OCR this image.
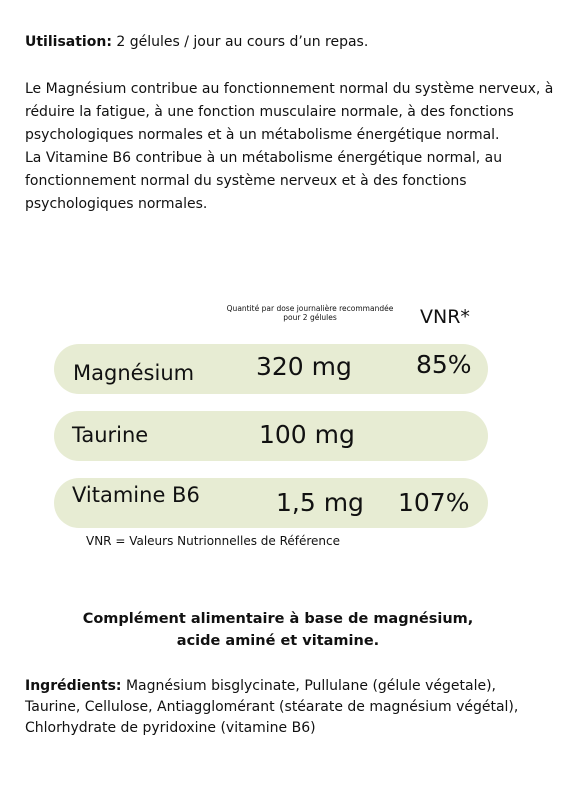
Utilisation: 2 gélules / jour au cours d’un repas.

Le Magnésium contribue au fonctionnement normal du système nerveux, à réduire la fatigue, à une fonction musculaire normale, à des fonctions psychologiques normales et à un métabolisme énergétique normal.

La Vitamine B6 contribue à un métabolisme énergétique normal, au fonctionnement normal du système nerveux et à des fonctions psychologiques normales.

Quantité par dose journalière recommandée
pour 2 gélules	VNR*
Magnésium 320 mg	85%
Taurine	100 mg
Vitamine B6	1,5 mg 107%
VNR = Valeurs Nutrionnelles de Référence
Complément alimentaire à base de magnésium,
acide aminé et vitamine.
Ingrédients: Magnésium bisglycinate, Pullulane (gélule végetale), Taurine, Cellulose, Antiagglomérant (stéarate de magnésium végétal), Chlorhydrate de pyridoxine (vitamine B6)
